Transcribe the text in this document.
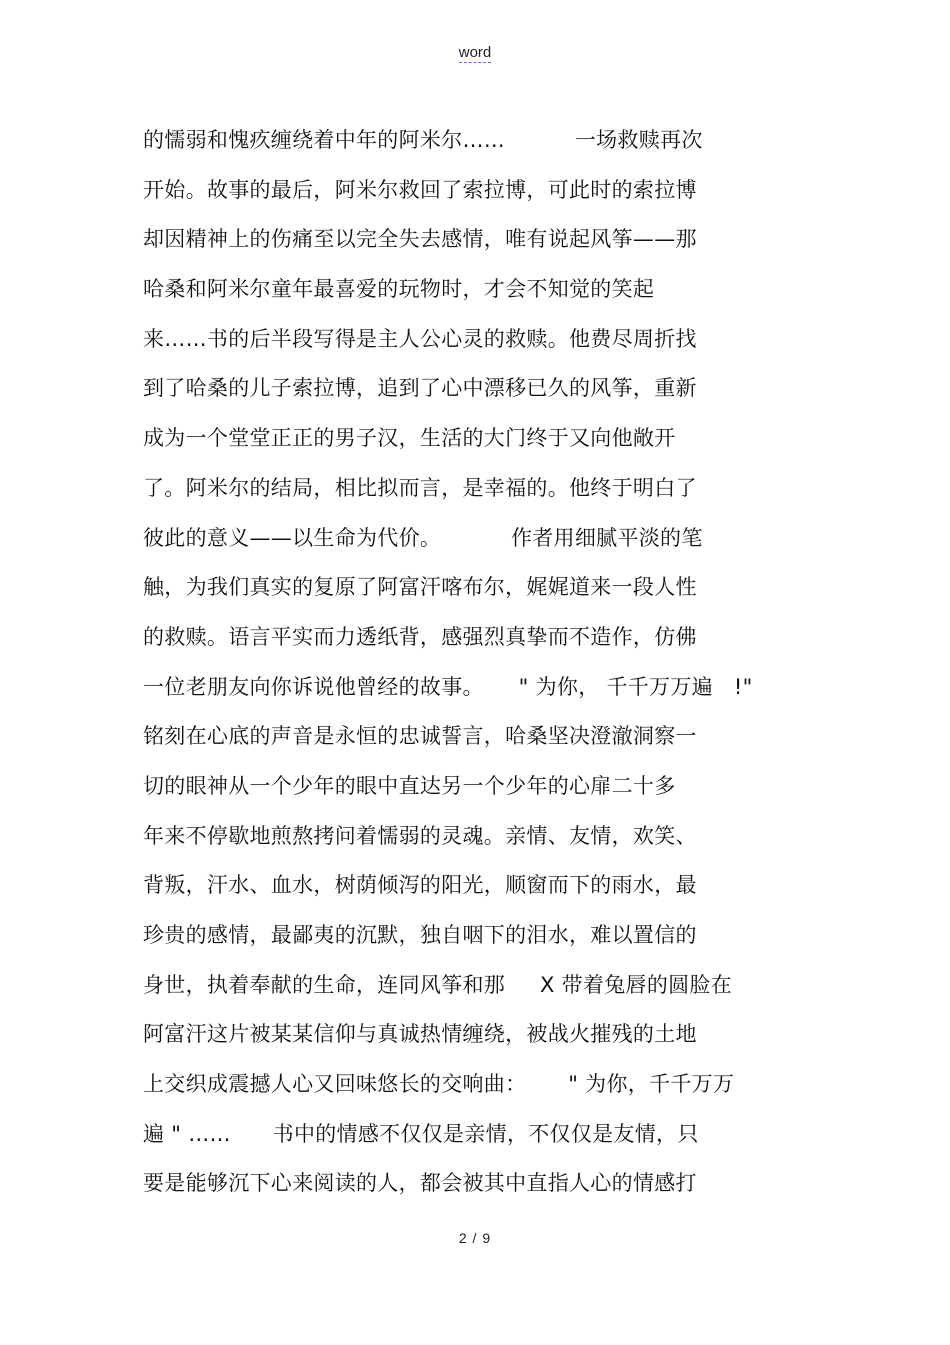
word
的懦弱和愧疚缠绕着中年的阿米尔……          一场救赎再次
开始。故事的最后，阿米尔救回了索拉博，可此时的索拉博
却因精神上的伤痛至以完全失去感情，唯有说起风筝——那
哈桑和阿米尔童年最喜爱的玩物时，才会不知觉的笑起
来……书的后半段写得是主人公心灵的救赎。他费尽周折找
到了哈桑的儿子索拉博，追到了心中漂移已久的风筝，重新
成为一个堂堂正正的男子汉，生活的大门终于又向他敞开
了。阿米尔的结局，相比拟而言，是幸福的。他终于明白了
彼此的意义——以生命为代价。          作者用细腻平淡的笔
触，为我们真实的复原了阿富汗喀布尔，娓娓道来一段人性
的救赎。语言平实而力透纸背，感强烈真挚而不造作，仿佛
一位老朋友向你诉说他曾经的故事。     " 为你， 千千万万遍   !"
铭刻在心底的声音是永恒的忠诚誓言，哈桑坚决澄澈洞察一
切的眼神从一个少年的眼中直达另一个少年的心扉二十多
年来不停歇地煎熬拷问着懦弱的灵魂。亲情、友情，欢笑、
背叛，汗水、血水，树荫倾泻的阳光，顺窗而下的雨水，最
珍贵的感情，最鄙夷的沉默，独自咽下的泪水，难以置信的
身世，执着奉献的生命，连同风筝和那     X 带着兔唇的圆脸在
阿富汗这片被某某信仰与真诚热情缠绕，被战火摧残的土地
上交织成震撼人心又回味悠长的交响曲：      " 为你，千千万万
遍 " ……      书中的情感不仅仅是亲情，不仅仅是友情，只
要是能够沉下心来阅读的人，都会被其中直指人心的情感打
2 / 9
